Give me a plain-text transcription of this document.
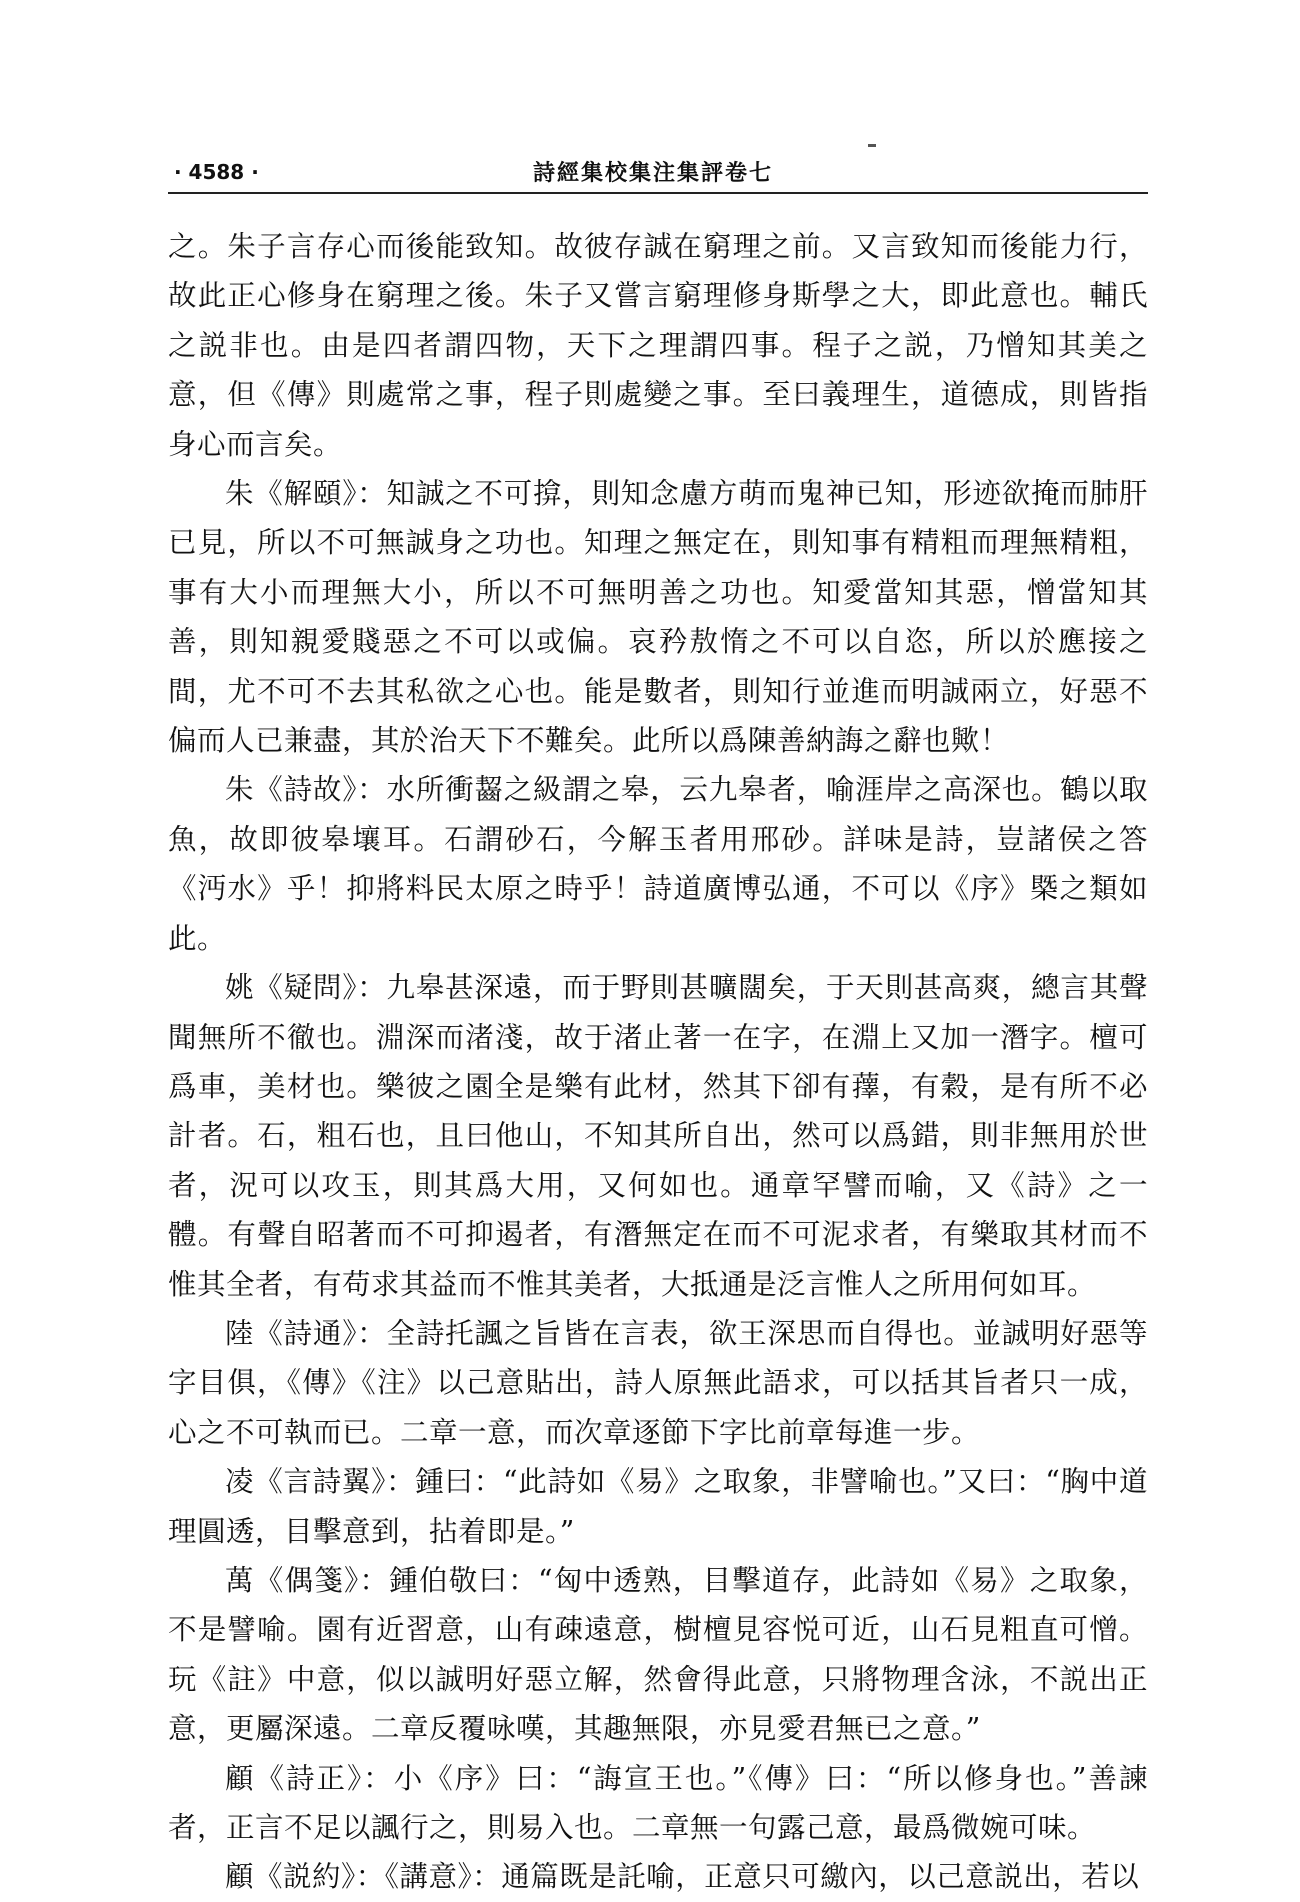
· 4588 ·	詩經集校集注集評卷七

之。朱子言存心而後能致知。故彼存誠在窮理之前。又言致知而後能力行，故此正心修身在窮理之後。朱子又嘗言窮理修身斯學之大，即此意也。輔氏之説非也。由是四者謂四物，天下之理謂四事。程子之説，乃憎知其美之意，但《傳》則處常之事，程子則處變之事。至曰義理生，道德成，則皆指身心而言矣。

朱《解頤》：知誠之不可揜，則知念慮方萌而鬼神已知，形迹欲掩而肺肝已見，所以不可無誠身之功也。知理之無定在，則知事有精粗而理無精粗，事有大小而理無大小，所以不可無明善之功也。知愛當知其惡，憎當知其善，則知親愛賤惡之不可以或偏。哀矜敖惰之不可以自恣，所以於應接之間，尤不可不去其私欲之心也。能是數者，則知行並進而明誠兩立，好惡不偏而人已兼盡，其於治天下不難矣。此所以爲陳善納誨之辭也歟！

朱《詩故》：水所衝齧之級謂之皋，云九皋者，喻涯岸之高深也。鶴以取魚，故即彼皋壤耳。石謂砂石，今解玉者用邢砂。詳味是詩，豈諸侯之答《沔水》乎！抑將料民太原之時乎！詩道廣博弘通，不可以《序》槩之類如此。

姚《疑問》：九皋甚深遠，而于野則甚曠闊矣，于天則甚高爽，總言其聲聞無所不徹也。淵深而渚淺，故于渚止著一在字，在淵上又加一潛字。檀可爲車，美材也。樂彼之園全是樂有此材，然其下卻有蘀，有穀，是有所不必計者。石，粗石也，且曰他山，不知其所自出，然可以爲錯，則非無用於世者，況可以攻玉，則其爲大用，又何如也。通章罕譬而喻，又《詩》之一體。有聲自昭著而不可抑遏者，有潛無定在而不可泥求者，有樂取其材而不惟其全者，有苟求其益而不惟其美者，大抵通是泛言惟人之所用何如耳。

陸《詩通》：全詩托諷之旨皆在言表，欲王深思而自得也。並誠明好惡等字目俱，《傳》《注》以己意貼出，詩人原無此語求，可以括其旨者只一成，心之不可執而已。二章一意，而次章逐節下字比前章每進一步。

凌《言詩翼》：鍾曰：“此詩如《易》之取象，非譬喻也。”又曰：“胸中道理圓透，目擊意到，拈着即是。”

萬《偶箋》：鍾伯敬曰：“匈中透熟，目擊道存，此詩如《易》之取象，不是譬喻。園有近習意，山有疎遠意，樹檀見容悦可近，山石見粗直可憎。玩《註》中意，似以誠明好惡立解，然會得此意，只將物理含泳，不説出正意，更屬深遠。二章反覆咏嘆，其趣無限，亦見愛君無已之意。”

顧《詩正》：小《序》曰：“誨宣王也。”《傳》曰：“所以修身也。”善諫者，正言不足以諷行之，則易入也。二章無一句露己意，最爲微婉可味。

顧《説約》：《講意》：通篇既是託喻，正意只可繳內，以己意説出，若以
